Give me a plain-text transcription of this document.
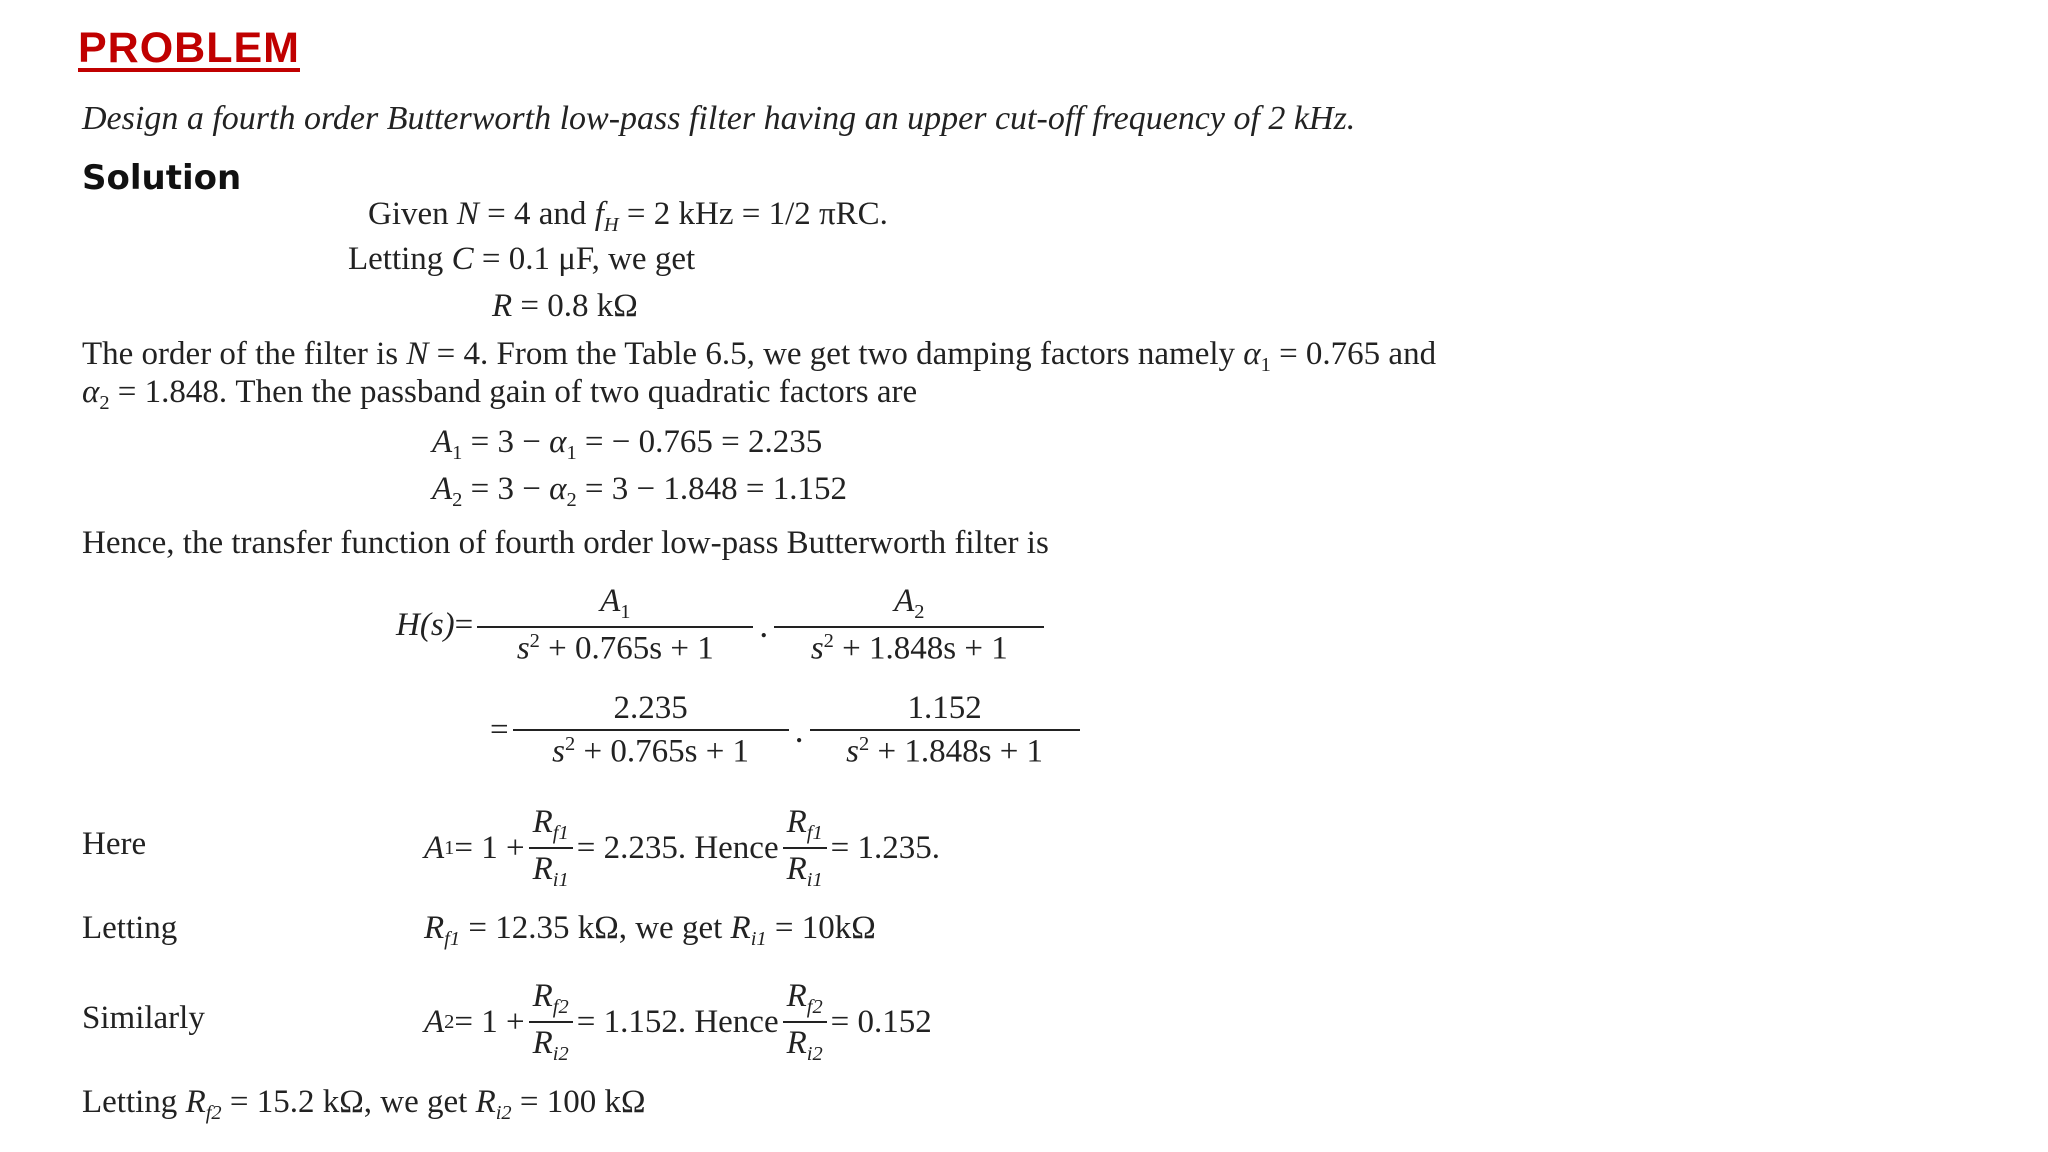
PROBLEM
Design a fourth order Butterworth low-pass filter having an upper cut-off frequency of 2 kHz.
Solution
Given N = 4 and $f_H = 2$ kHz = 1/2 πRC.
Letting C = 0.1 μF, we get
R = 0.8 kΩ
The order of the filter is N = 4. From the Table 6.5, we get two damping factors namely $\alpha_1 = 0.765$ and
$\alpha_2 = 1.848$. Then the passband gain of two quadratic factors are
$A_1 = 3 - \alpha_1$ = − 0.765 = 2.235
$A_2 = 3 - \alpha_2 = 3 - 1.848 = 1.152$
Hence, the transfer function of fourth order low-pass Butterworth filter is
$H(s) = \frac{A_1}{s^2 + 0.765s + 1}$ . $\frac{A_2}{s^2 + 1.848s + 1}$
= $\frac{2.235}{s^2 + 0.765s + 1}$ . $\frac{1.152}{s^2 + 1.848s + 1}$
Here	A $1 = 1 + \frac{R_{f1}}{R_{i1}} = 2.235$. Hence $\frac{R_{f1}}{R_{i1}} = 1.235$.
Letting	$R_{f1} = 12.35$ kΩ, we get $R_{i1} = 10k\Omega$
Similarly	A $2 = 1 + \frac{R_{f2}}{R_{i2}} = 1.152$. Hence $\frac{R_{f2}}{R_{i2}} = 0.152$
Letting $R_{f2} = 15.2$ kΩ, we get $R_{i2} = 100$ kΩ
